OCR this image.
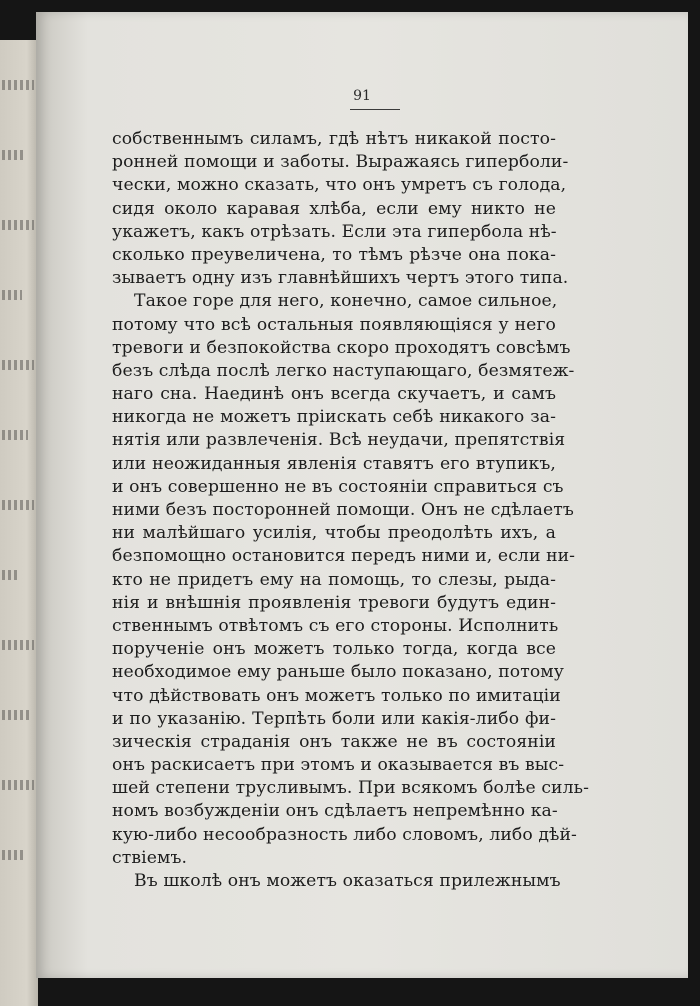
91
собственнымъ силамъ, гдѣ нѣтъ никакой посто-
ронней помощи и заботы. Выражаясь гиперболи-
чески, можно сказать, что онъ умретъ съ голода,
сидя около каравая хлѣба, если ему никто не
укажетъ, какъ отрѣзать. Если эта гипербола нѣ-
сколько преувеличена, то тѣмъ рѣзче она пока-
зываетъ одну изъ главнѣйшихъ чертъ этого типа.
Такое горе для него, конечно, самое сильное,
потому что всѣ остальныя появляющiяся у него
тревоги и безпокойства скоро проходятъ совсѣмъ
безъ слѣда послѣ легко наступающаго, безмятеж-
наго сна. Наединѣ онъ всегда скучаетъ, и самъ
никогда не можетъ прiискать себѣ никакого за-
нятiя или развлеченiя. Всѣ неудачи, препятствiя
или неожиданныя явленiя ставятъ его втупикъ,
и онъ совершенно не въ состоянiи справиться съ
ними безъ посторонней помощи. Онъ не сдѣлаетъ
ни малѣйшаго усилiя, чтобы преодолѣть ихъ, а
безпомощно остановится передъ ними и, если ни-
кто не придетъ ему на помощь, то слезы, рыда-
нiя и внѣшнiя проявленiя тревоги будутъ един-
ственнымъ отвѣтомъ съ его стороны. Исполнить
порученiе онъ можетъ только тогда, когда все
необходимое ему раньше было показано, потому
что дѣйствовать онъ можетъ только по имитацiи
и по указанiю. Терпѣть боли или какiя-либо фи-
зическiя страданiя онъ также не въ состоянiи
онъ раскисаетъ при этомъ и оказывается въ выс-
шей степени трусливымъ. При всякомъ болѣе силь-
номъ возбужденiи онъ сдѣлаетъ непремѣнно ка-
кую-либо несообразность либо словомъ, либо дѣй-
ствiемъ.
Въ школѣ онъ можетъ оказаться прилежнымъ
